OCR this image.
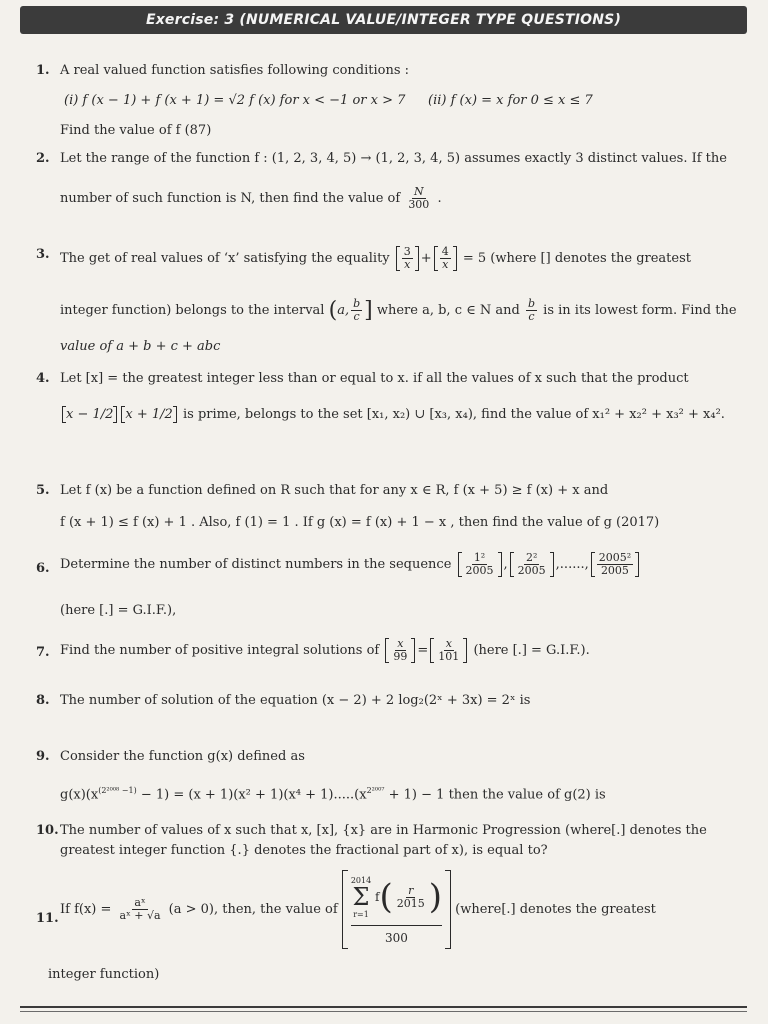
Exercise: 3 (NUMERICAL VALUE/INTEGER TYPE QUESTIONS)
1. A real valued function satisfies following conditions :
(i) f (x − 1) + f (x + 1) = √2 f (x) for x < −1 or x > 7 (ii) f (x) = x for 0 ≤ x ≤ 7
Find the value of f (87)
2. Let the range of the function f : (1, 2, 3, 4, 5) → (1, 2, 3, 4, 5) assumes exactly 3 distinct values. If the
number of such function is N, then find the value of $\frac{N}{300}$ .
3. The get of real values of ‘x’ satisfying the equality $\frac{3}{x} + \frac{4}{x} = 5$ (where [] denotes the greatest
integer function) belongs to the interval (a, $\frac{b}{c}$ ] where a, b, c ∈ N and $\frac{b}{c}$ is in its lowest form. Find the
value of a + b + c + abc
4. Let [x] = the greatest integer less than or equal to x. if all the values of x such that the product
x − 1/2 x + 1/2 is prime, belongs to the set [x₁, x₂) ∪ [x₃, x₄), find the value of x₁² + x₂² + x₃² + x₄².
5. Let f (x) be a function defined on R such that for any x ∈ R, f (x + 5) ≥ f (x) + x and
f (x + 1) ≤ f (x) + 1 . Also, f (1) = 1 . If g (x) = f (x) + 1 − x , then find the value of g (2017)
6. Determine the number of distinct numbers in the sequence $\frac{\text{1²}}{2005}$ , $\frac{\text{2²}}{2005}$ ,......, $\frac{\text{2005²}}{2005}$
(here [.] = G.I.F.),
7. Find the number of positive integral solutions of $\frac{x}{99} = \frac{x}{101}$ (here [.] = G.I.F.).
8. The number of solution of the equation (x − 2) + 2 log₂(2ˣ + 3x) = 2ˣ is
9. Consider the function g(x) defined as
$g(x)(x^{(2^{2008} -1)} - 1) = (x + 1)(x^2 + 1)(x^4 + 1).....(x^{2^{2007}} + 1) - 1$ then the value of g(2) is
10. The number of values of x such that x, [x], {x} are in Harmonic Progression (where[.] denotes the
greatest integer function {.} denotes the fractional part of x), is equal to?
11.
If $f(x) = \frac{\text{aˣ}}{\text{aˣ + √a}} (a > 0)$, then, the value of
2014
Σ
r=1
$f( \frac{r}{2015}$ )
300
(where[.] denotes the greatest
integer function)
